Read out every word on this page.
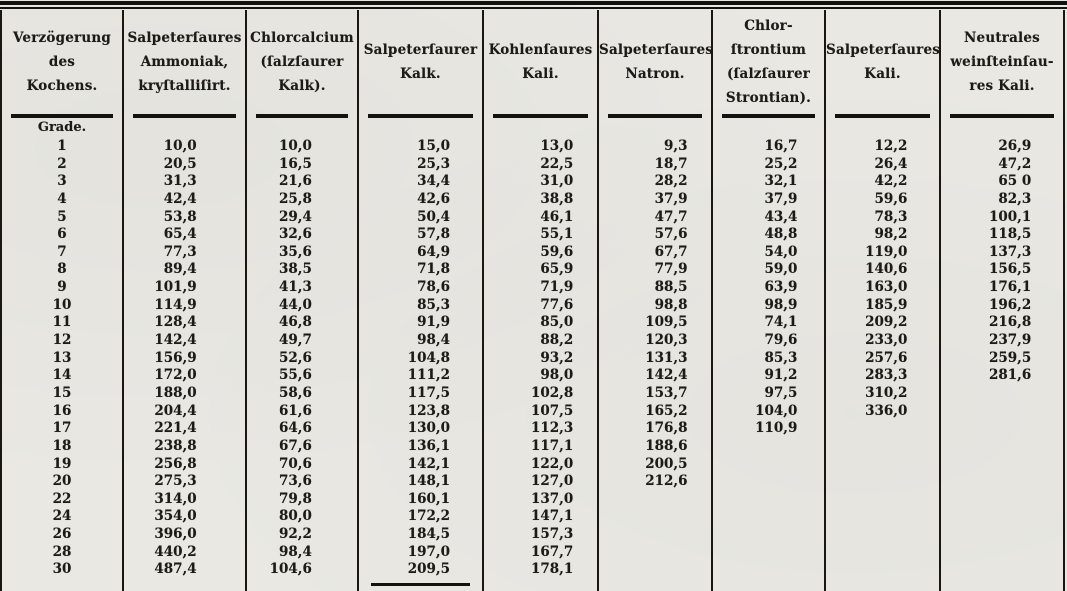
Verzögerung
des
Kochens.
Grade.
1
2
3
4
5
6
7
8
9
10
11
12
13
14
15
16
17
18
19
20
22
24
26
28
30
Salpeterſaures
Ammoniak,
kryſtalliſirt.
10,0
20,5
31,3
42,4
53,8
65,4
77,3
89,4
101,9
114,9
128,4
142,4
156,9
172,0
188,0
204,4
221,4
238,8
256,8
275,3
314,0
354,0
396,0
440,2
487,4
Chlorcalcium
(ſalzſaurer
Kalk).
10,0
16,5
21,6
25,8
29,4
32,6
35,6
38,5
41,3
44,0
46,8
49,7
52,6
55,6
58,6
61,6
64,6
67,6
70,6
73,6
79,8
80,0
92,2
98,4
104,6
Salpeterſaurer
Kalk.
15,0
25,3
34,4
42,6
50,4
57,8
64,9
71,8
78,6
85,3
91,9
98,4
104,8
111,2
117,5
123,8
130,0
136,1
142,1
148,1
160,1
172,2
184,5
197,0
209,5
Kohlenſaures
Kali.
13,0
22,5
31,0
38,8
46,1
55,1
59,6
65,9
71,9
77,6
85,0
88,2
93,2
98,0
102,8
107,5
112,3
117,1
122,0
127,0
137,0
147,1
157,3
167,7
178,1
Salpeterſaures
Natron.
9,3
18,7
28,2
37,9
47,7
57,6
67,7
77,9
88,5
98,8
109,5
120,3
131,3
142,4
153,7
165,2
176,8
188,6
200,5
212,6
Chlor-
ſtrontium
(ſalzſaurer
Strontian).
16,7
25,2
32,1
37,9
43,4
48,8
54,0
59,0
63,9
98,9
74,1
79,6
85,3
91,2
97,5
104,0
110,9
Salpeterſaures
Kali.
12,2
26,4
42,2
59,6
78,3
98,2
119,0
140,6
163,0
185,9
209,2
233,0
257,6
283,3
310,2
336,0
Neutrales
weinſteinſau-
res Kali.
26,9
47,2
65 0
82,3
100,1
118,5
137,3
156,5
176,1
196,2
216,8
237,9
259,5
281,6
